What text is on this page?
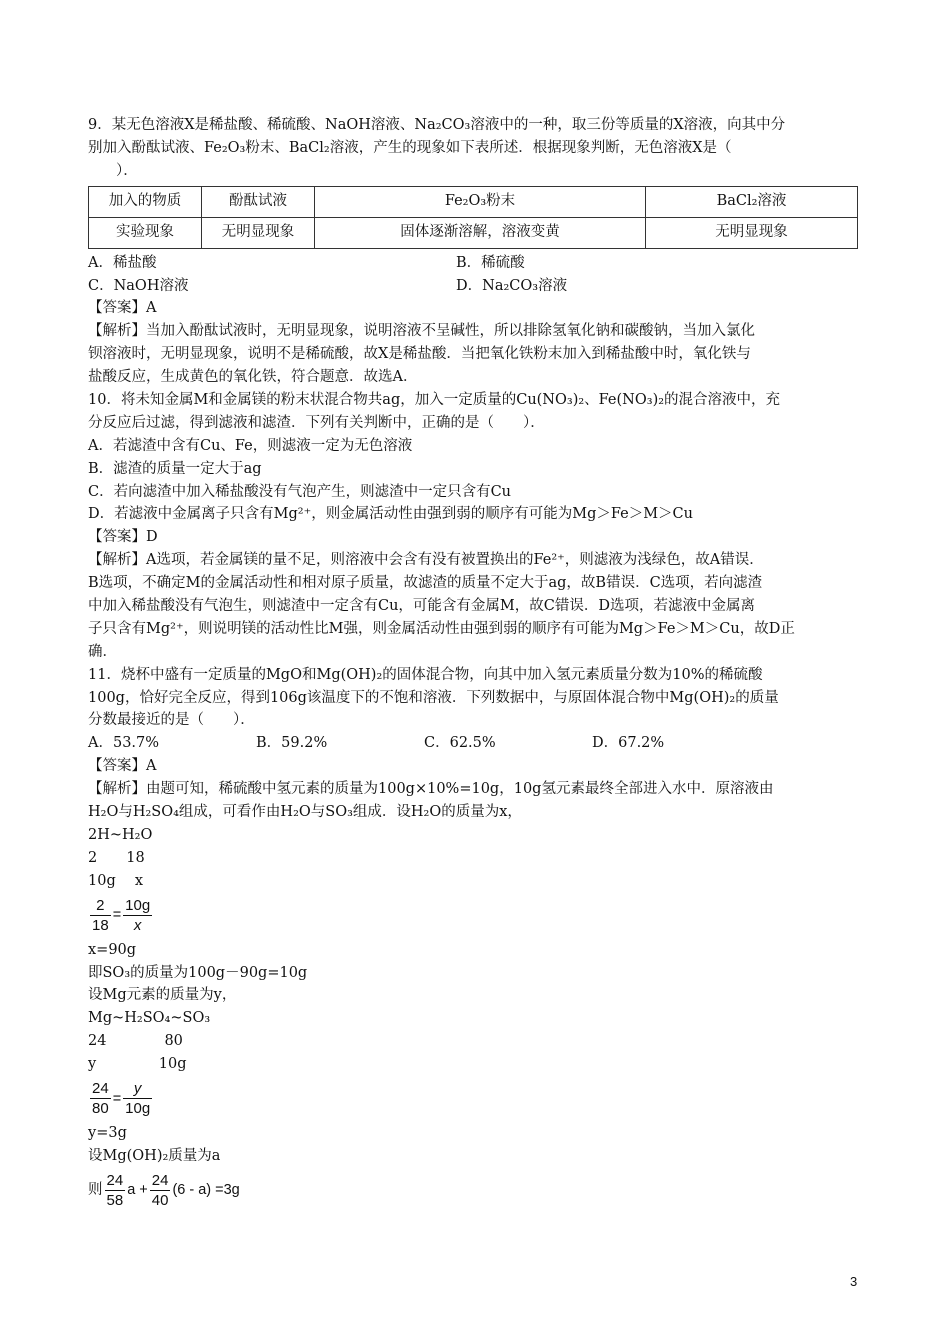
9．某无色溶液X是稀盐酸、稀硫酸、NaOH溶液、Na₂CO₃溶液中的一种，取三份等质量的X溶液，向其中分
别加入酚酞试液、Fe₂O₃粉末、BaCl₂溶液，产生的现象如下表所述．根据现象判断，无色溶液X是（
）．
加入的物质	酚酞试液	Fe₂O₃粉末	BaCl₂溶液
实验现象	无明显现象	固体逐渐溶解，溶液变黄	无明显现象
A．稀盐酸	B．稀硫酸
C．NaOH溶液	D．Na₂CO₃溶液
【答案】A
【解析】当加入酚酞试液时，无明显现象，说明溶液不呈碱性，所以排除氢氧化钠和碳酸钠，当加入氯化
钡溶液时，无明显现象，说明不是稀硫酸，故X是稀盐酸．当把氧化铁粉末加入到稀盐酸中时，氧化铁与
盐酸反应，生成黄色的氧化铁，符合题意．故选A．
10．将未知金属M和金属镁的粉末状混合物共ag，加入一定质量的Cu(NO₃)₂、Fe(NO₃)₂的混合溶液中，充
分反应后过滤，得到滤液和滤渣．下列有关判断中，正确的是（　　）．
A．若滤渣中含有Cu、Fe，则滤液一定为无色溶液
B．滤渣的质量一定大于ag
C．若向滤渣中加入稀盐酸没有气泡产生，则滤渣中一定只含有Cu
D．若滤液中金属离子只含有Mg²⁺，则金属活动性由强到弱的顺序有可能为Mg＞Fe＞M＞Cu
【答案】D
【解析】A选项，若金属镁的量不足，则溶液中会含有没有被置换出的Fe²⁺，则滤液为浅绿色，故A错误．
B选项，不确定M的金属活动性和相对原子质量，故滤渣的质量不定大于ag，故B错误．C选项，若向滤渣
中加入稀盐酸没有气泡生，则滤渣中一定含有Cu，可能含有金属M，故C错误．D选项，若滤液中金属离
子只含有Mg²⁺，则说明镁的活动性比M强，则金属活动性由强到弱的顺序有可能为Mg＞Fe＞M＞Cu，故D正
确．
11．烧杯中盛有一定质量的MgO和Mg(OH)₂的固体混合物，向其中加入氢元素质量分数为10%的稀硫酸
100g，恰好完全反应，得到106g该温度下的不饱和溶液．下列数据中，与原固体混合物中Mg(OH)₂的质量
分数最接近的是（　　）．
A．53.7%	B．59.2%	C．62.5%	D．67.2%
【答案】A
【解析】由题可知，稀硫酸中氢元素的质量为100g×10%=10g，10g氢元素最终全部进入水中．原溶液由
H₂O与H₂SO₄组成，可看作由H₂O与SO₃组成．设H₂O的质量为x，
2H~H₂O
2　　18
10g　 x
$\frac{2}{18} = \frac{10g}{x}$
x=90g
即SO₃的质量为100g－90g=10g
设Mg元素的质量为y，
Mg~H₂SO₄~SO₃
24　　　　80
y　　　　 10g
$\frac{24}{80} = \frac{y}{10g}$
y=3g
设Mg(OH)₂质量为a
则 $\frac{24}{58}$ $a + \frac{24}{40} (6 - a) =3g$
3
